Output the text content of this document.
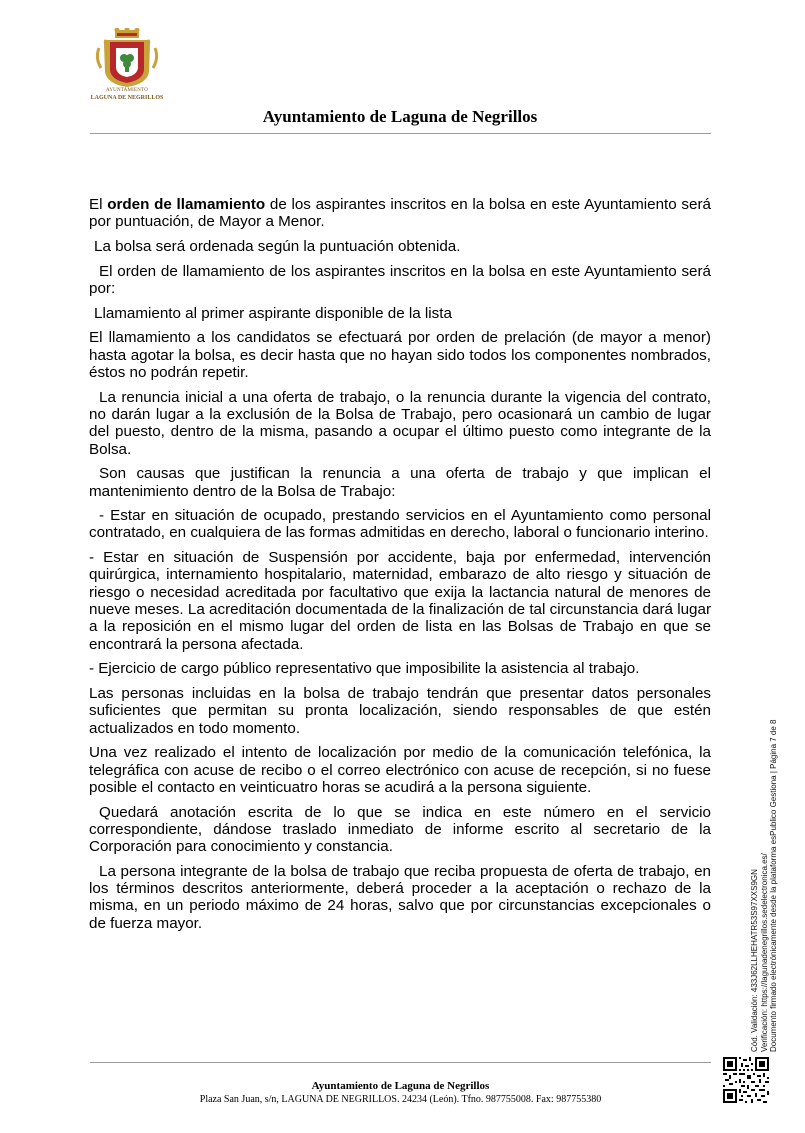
AYUNTAMIENTO
LAGUNA DE NEGRILLOS
Ayuntamiento de Laguna de Negrillos

El orden de llamamiento de los aspirantes inscritos en la bolsa en este Ayuntamiento será por puntuación, de Mayor a Menor.

La bolsa será ordenada según la puntuación obtenida.

El orden de llamamiento de los aspirantes inscritos en la bolsa en este Ayuntamiento será por:

Llamamiento al primer aspirante disponible de la lista

El llamamiento a los candidatos se efectuará por orden de prelación (de mayor a menor) hasta agotar la bolsa, es decir hasta que no hayan sido todos los componentes nombrados, éstos no podrán repetir.

La renuncia inicial a una oferta de trabajo, o la renuncia durante la vigencia del contrato, no darán lugar a la exclusión de la Bolsa de Trabajo, pero ocasionará un cambio de lugar del puesto, dentro de la misma, pasando a ocupar el último puesto como integrante de la Bolsa.

Son causas que justifican la renuncia a una oferta de trabajo y que implican el mantenimiento dentro de la Bolsa de Trabajo:

- Estar en situación de ocupado, prestando servicios en el Ayuntamiento como personal contratado, en cualquiera de las formas admitidas en derecho, laboral o funcionario interino.

- Estar en situación de Suspensión por accidente, baja por enfermedad, intervención quirúrgica, internamiento hospitalario, maternidad, embarazo de alto riesgo y situación de riesgo o necesidad acreditada por facultativo que exija la lactancia natural de menores de nueve meses. La acreditación documentada de la finalización de tal circunstancia dará lugar a la reposición en el mismo lugar del orden de lista en las Bolsas de Trabajo en que se encontrará la persona afectada.

- Ejercicio de cargo público representativo que imposibilite la asistencia al trabajo.

Las personas incluidas en la bolsa de trabajo tendrán que presentar datos personales suficientes que permitan su pronta localización, siendo responsables de que estén actualizados en todo momento.

Una vez realizado el intento de localización por medio de la comunicación telefónica, la telegráfica con acuse de recibo o el correo electrónico con acuse de recepción, si no fuese posible el contacto en veinticuatro horas se acudirá a la persona siguiente.

Quedará anotación escrita de lo que se indica en este número en el servicio correspondiente, dándose traslado inmediato de informe escrito al secretario de la Corporación para conocimiento y constancia.

La persona integrante de la bolsa de trabajo que reciba propuesta de oferta de trabajo, en los términos descritos anteriormente, deberá proceder a la aceptación o rechazo de la misma, en un periodo máximo de 24 horas, salvo que por circunstancias excepcionales o de fuerza mayor.

Ayuntamiento de Laguna de Negrillos
Plaza San Juan, s/n, LAGUNA DE NEGRILLOS. 24234 (León). Tfno. 987755008. Fax: 987755380
Cód. Validación: 433J62LLHEHATR53S97XXS9GN Verificación: https://lagunadenegrillos.sedelectronica.es/ Documento firmado electrónicamente desde la plataforma esPublico Gestiona | Página 7 de 8
